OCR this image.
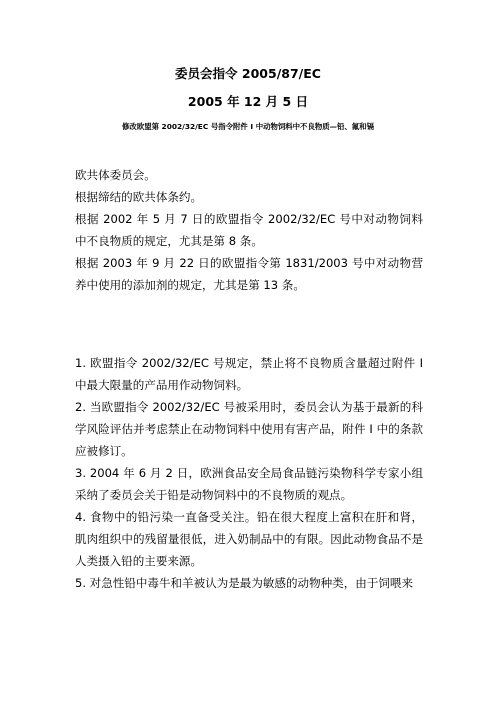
委员会指令 2005/87/EC
2005 年 12 月 5 日
修改欧盟第 2002/32/EC 号指令附件 I 中动物饲料中不良物质—铅、氟和镉

欧共体委员会。

根据缔结的欧共体条约。

根据 2002 年 5 月 7 日的欧盟指令 2002/32/EC 号中对动物饲料中不良物质的规定，尤其是第 8 条。

根据 2003 年 9 月 22 日的欧盟指令第 1831/2003 号中对动物营养中使用的添加剂的规定，尤其是第 13 条。

1. 欧盟指令 2002/32/EC 号规定，禁止将不良物质含量超过附件 I 中最大限量的产品用作动物饲料。

2. 当欧盟指令 2002/32/EC 号被采用时，委员会认为基于最新的科学风险评估并考虑禁止在动物饲料中使用有害产品，附件 I 中的条款应被修订。

3. 2004 年 6 月 2 日，欧洲食品安全局食品链污染物科学专家小组采纳了委员会关于铅是动物饲料中的不良物质的观点。

4. 食物中的铅污染一直备受关注。铅在很大程度上富积在肝和肾，肌肉组织中的残留量很低，进入奶制品中的有限。因此动物食品不是人类摄入铅的主要来源。

5. 对急性铅中毒牛和羊被认为是最为敏感的动物种类，由于饲喂来
